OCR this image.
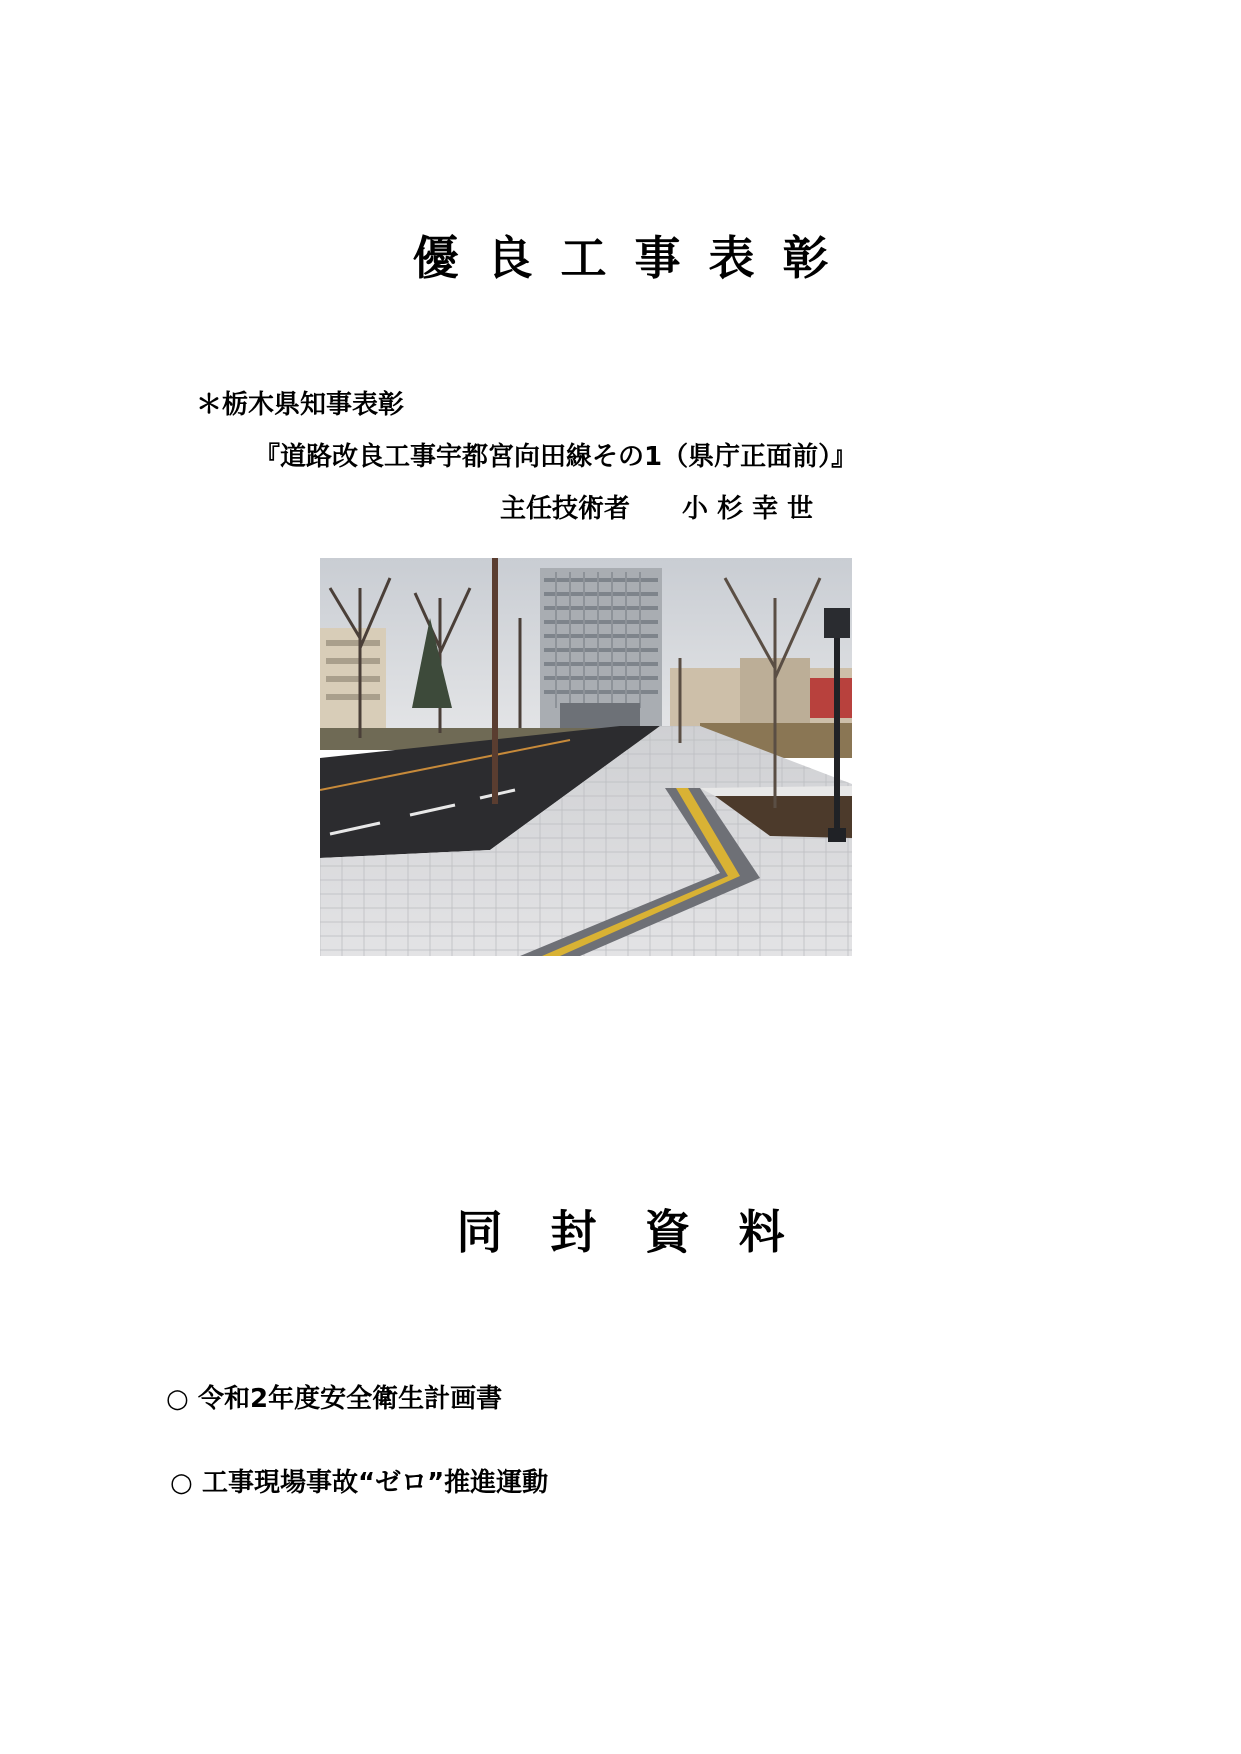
優良工事表彰
＊栃木県知事表彰
『道路改良工事宇都宮向田線その1（県庁正面前）』
主任技術者　　小 杉 幸 世
同封資料
○ 令和2年度安全衛生計画書
○ 工事現場事故“ゼロ”推進運動
